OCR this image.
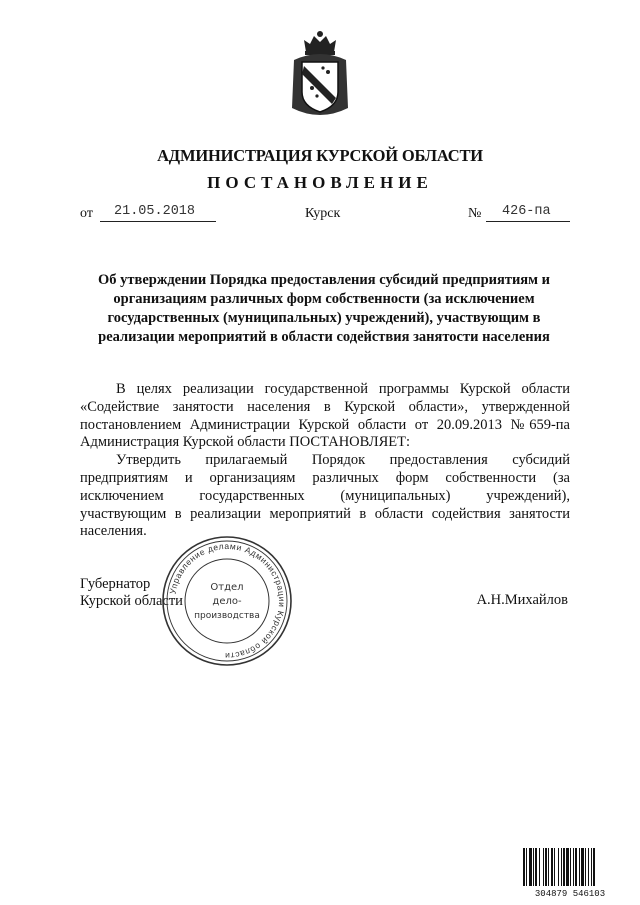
АДМИНИСТРАЦИЯ КУРСКОЙ ОБЛАСТИ
ПОСТАНОВЛЕНИЕ
от 21.05.2018	Курск	№ 426-па
Об утверждении Порядка предоставления субсидий предприятиям и
организациям различных форм собственности (за исключением
государственных (муниципальных) учреждений), участвующим в
реализации мероприятий в области содействия занятости населения

В целях реализации государственной программы Курской области
«Содействие занятости населения в Курской области», утвержденной
постановлением Администрации Курской области от 20.09.2013 №659-па
Администрация Курской области ПОСТАНОВЛЯЕТ:

Утвердить прилагаемый Порядок предоставления субсидий
предприятиям и организациям различных форм собственности (за
исключением государственных (муниципальных) учреждений),
участвующим в реализации мероприятий в области содействия занятости
населения.

Губернатор
Курской области	А.Н.Михайлов
Управление делами Администрации Курской области
Отдел
дело-
производства
304879 546103
